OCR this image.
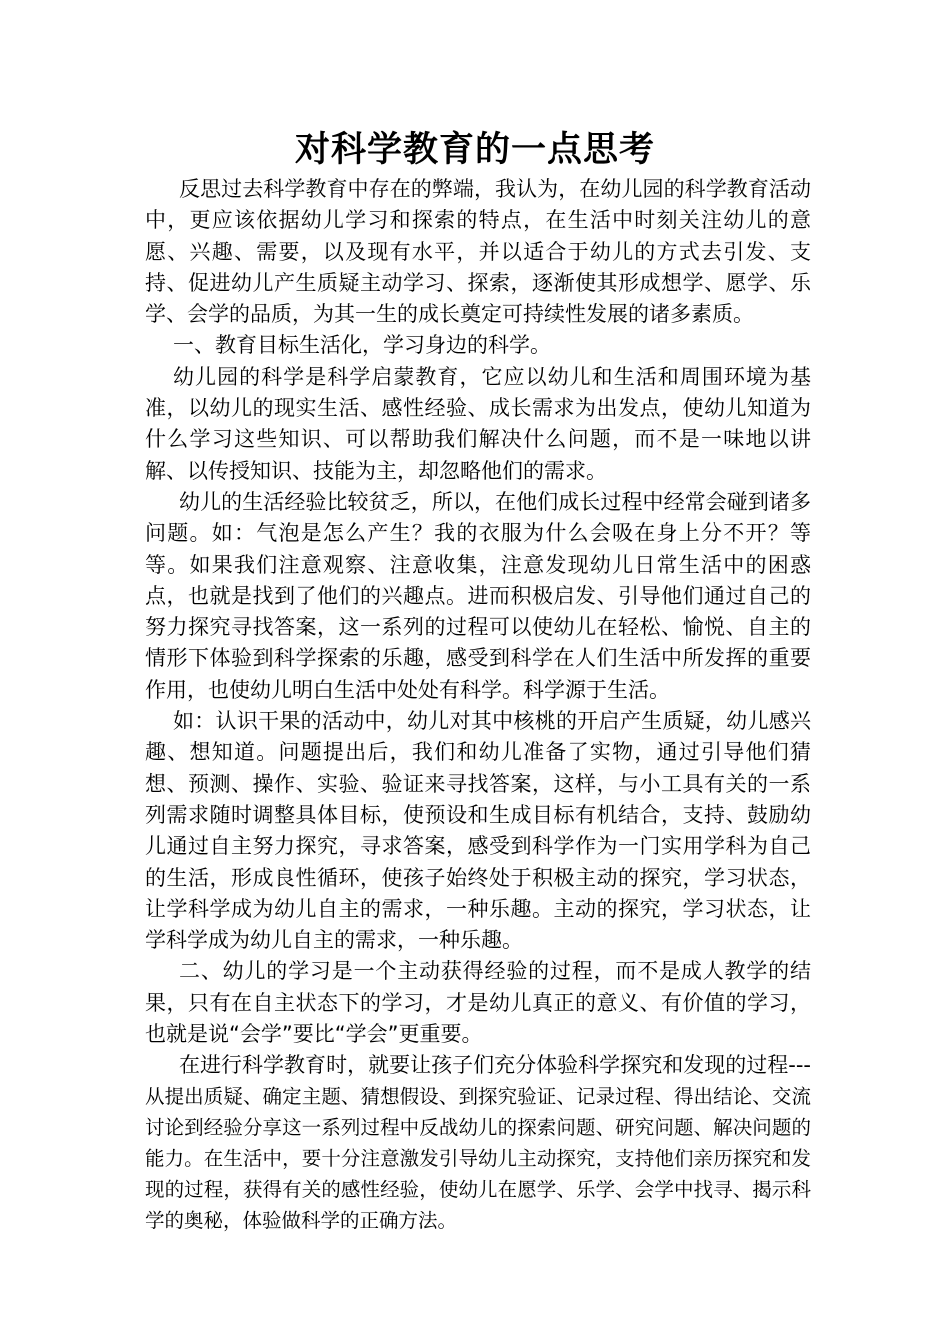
对科学教育的一点思考

反思过去科学教育中存在的弊端，我认为，在幼儿园的科学教育活动中，更应该依据幼儿学习和探索的特点，在生活中时刻关注幼儿的意愿、兴趣、需要，以及现有水平，并以适合于幼儿的方式去引发、支持、促进幼儿产生质疑主动学习、探索，逐渐使其形成想学、愿学、乐学、会学的品质，为其一生的成长奠定可持续性发展的诸多素质。

一、教育目标生活化，学习身边的科学。

幼儿园的科学是科学启蒙教育，它应以幼儿和生活和周围环境为基准，以幼儿的现实生活、感性经验、成长需求为出发点，使幼儿知道为什么学习这些知识、可以帮助我们解决什么问题，而不是一味地以讲解、以传授知识、技能为主，却忽略他们的需求。

幼儿的生活经验比较贫乏，所以，在他们成长过程中经常会碰到诸多问题。如：气泡是怎么产生？我的衣服为什么会吸在身上分不开？等等。如果我们注意观察、注意收集，注意发现幼儿日常生活中的困惑点，也就是找到了他们的兴趣点。进而积极启发、引导他们通过自己的努力探究寻找答案，这一系列的过程可以使幼儿在轻松、愉悦、自主的情形下体验到科学探索的乐趣，感受到科学在人们生活中所发挥的重要作用，也使幼儿明白生活中处处有科学。科学源于生活。

如：认识干果的活动中，幼儿对其中核桃的开启产生质疑，幼儿感兴趣、想知道。问题提出后，我们和幼儿准备了实物，通过引导他们猜想、预测、操作、实验、验证来寻找答案，这样，与小工具有关的一系列需求随时调整具体目标，使预设和生成目标有机结合，支持、鼓励幼儿通过自主努力探究，寻求答案，感受到科学作为一门实用学科为自己的生活，形成良性循环，使孩子始终处于积极主动的探究，学习状态，让学科学成为幼儿自主的需求，一种乐趣。主动的探究，学习状态，让学科学成为幼儿自主的需求，一种乐趣。

二、幼儿的学习是一个主动获得经验的过程，而不是成人教学的结果，只有在自主状态下的学习，才是幼儿真正的意义、有价值的学习，也就是说“会学”要比“学会”更重要。

在进行科学教育时，就要让孩子们充分体验科学探究和发现的过程---从提出质疑、确定主题、猜想假设、到探究验证、记录过程、得出结论、交流讨论到经验分享这一系列过程中反战幼儿的探索问题、研究问题、解决问题的能力。在生活中，要十分注意激发引导幼儿主动探究，支持他们亲历探究和发现的过程，获得有关的感性经验，使幼儿在愿学、乐学、会学中找寻、揭示科学的奥秘，体验做科学的正确方法。
